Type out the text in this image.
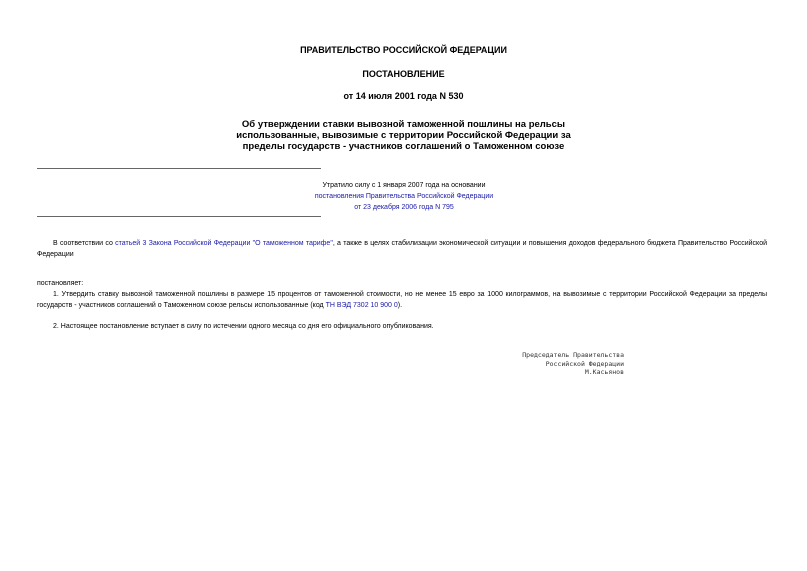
ПРАВИТЕЛЬСТВО РОССИЙСКОЙ ФЕДЕРАЦИИ
ПОСТАНОВЛЕНИЕ
от 14 июля 2001 года N 530
Об утверждении ставки вывозной таможенной пошлины на рельсы
использованные, вывозимые с территории Российской Федерации за
пределы государств - участников соглашений о Таможенном союзе
Утратило силу с 1 января 2007 года на основании
постановления Правительства Российской Федерации
от 23 декабря 2006 года N 795
В соответствии со статьей 3 Закона Российской Федерации "О таможенном тарифе", а также в целях стабилизации экономической ситуации и повышения доходов федерального бюджета Правительство Российской Федерации
постановляет:
1. Утвердить ставку вывозной таможенной пошлины в размере 15 процентов от таможенной стоимости, но не менее 15 евро за 1000 килограммов, на вывозимые с территории Российской Федерации за пределы государств - участников соглашений о Таможенном союзе рельсы использованные (код ТН ВЭД 7302 10 900 0).
2. Настоящее постановление вступает в силу по истечении одного месяца со дня его официального опубликования.
Председатель Правительства
Российской Федерации
М.Касьянов
